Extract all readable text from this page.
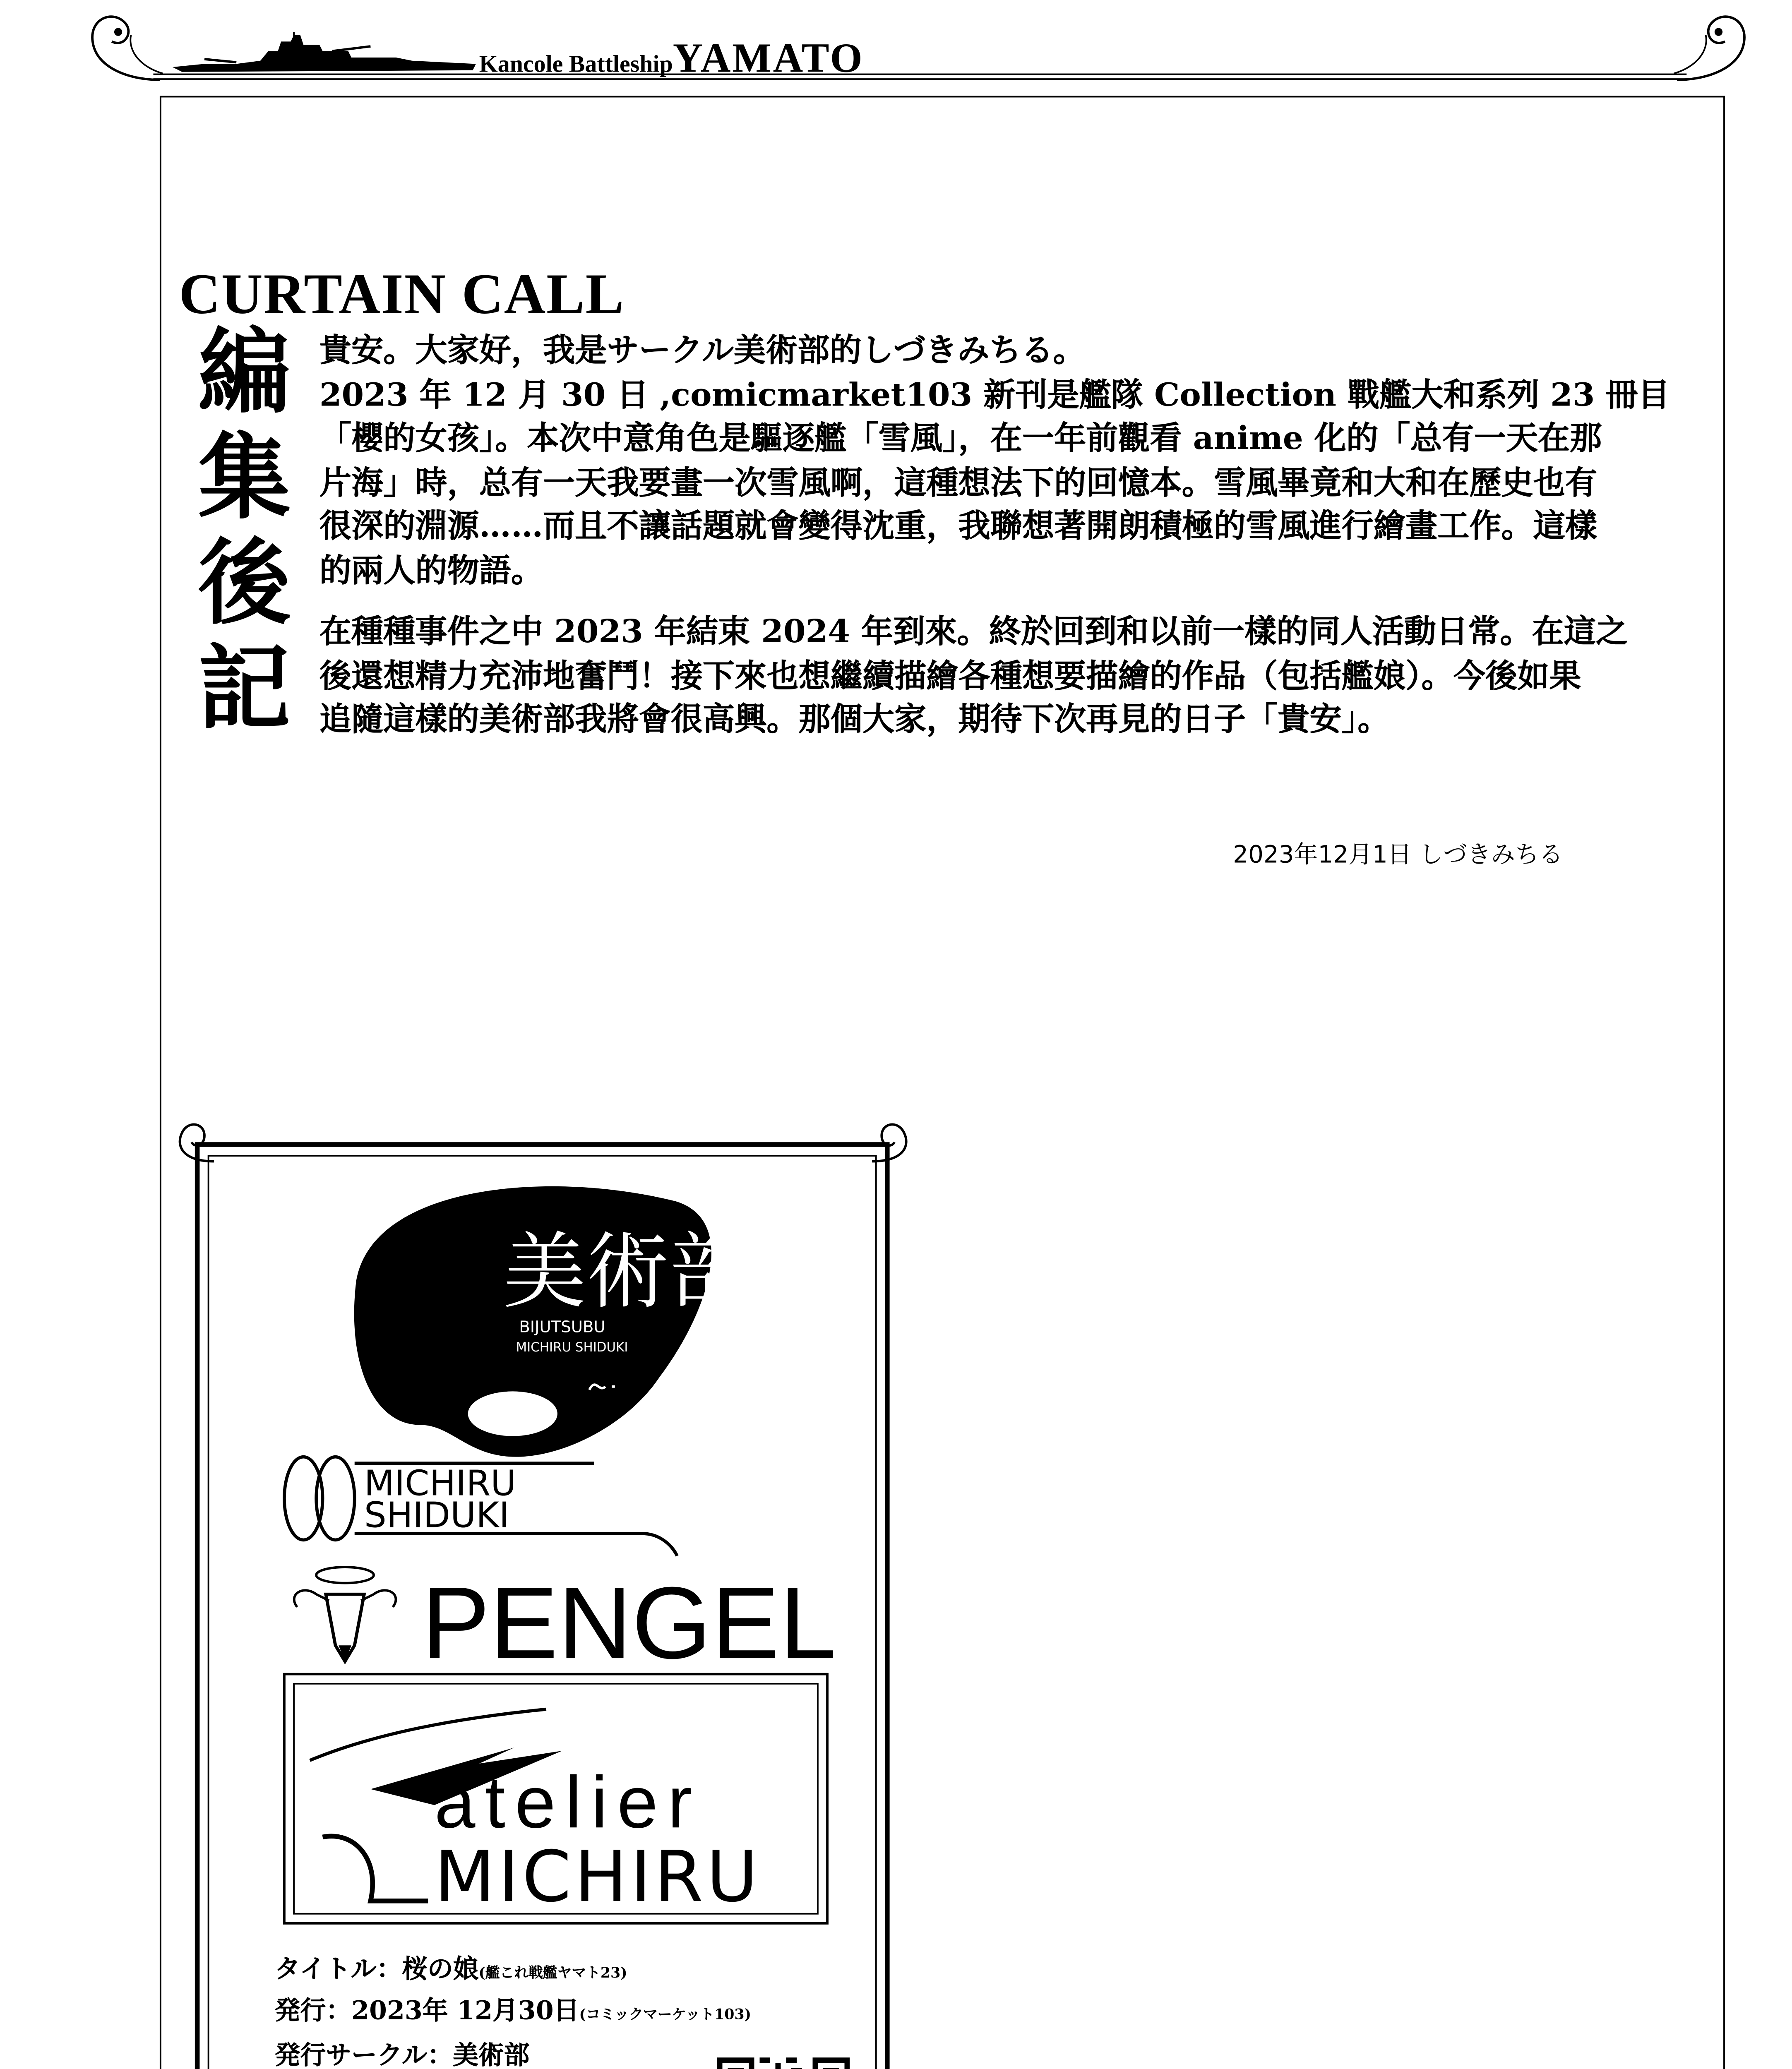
Kancole BattleshipYAMATO
CURTAIN CALL
編
集
後
記
貴安。大家好，我是サークル美術部的しづきみちる。
2023 年 12 月 30 日 ,comicmarket103 新刊是艦隊 Collection 戰艦大和系列 23 冊目
「櫻的女孩」。本次中意角色是驅逐艦「雪風」，在一年前觀看 anime 化的「总有一天在那
片海」時，总有一天我要畫一次雪風啊，這種想法下的回憶本。雪風畢竟和大和在歷史也有
很深的淵源……而且不讓話題就會變得沈重，我聯想著開朗積極的雪風進行繪畫工作。這樣
的兩人的物語。
在種種事件之中 2023 年結束 2024 年到來。終於回到和以前一樣的同人活動日常。在這之
後還想精力充沛地奮鬥！接下來也想繼續描繪各種想要描繪的作品（包括艦娘）。今後如果
追隨這樣的美術部我將會很高興。那個大家，期待下次再見的日子「貴安」。
2023年12月1日 しづきみちる
美術部
BIJUTSUBU
MICHIRU SHIDUKI
MICHIRU
SHIDUKI
PENGEL
atelier
MICHIRU
タイトル：桜の娘(艦これ戦艦ヤマト23)
発行：2023年 12月30日(コミックマーケット103)
発行サークル：美術部
